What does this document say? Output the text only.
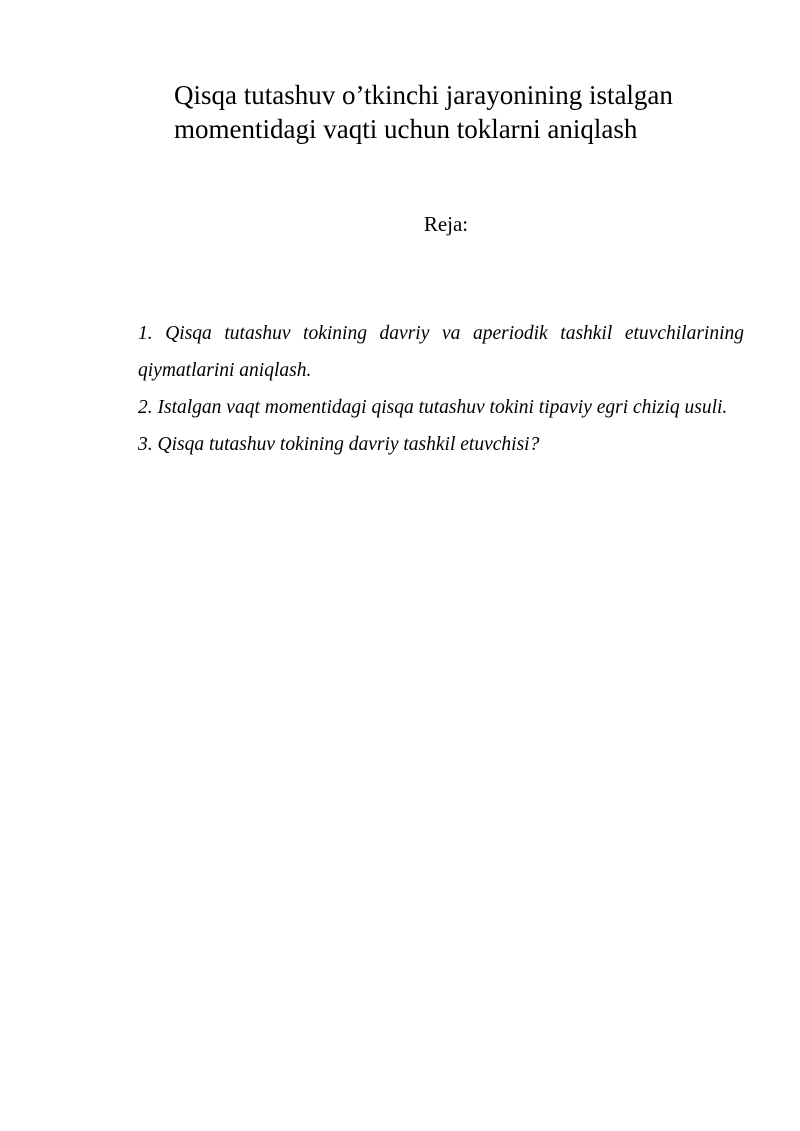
Qisqa tutashuv o’tkinchi jarayonining istalgan
momentidagi vaqti uchun toklarni aniqlash
Reja:
1. Qisqa tutashuv tokining davriy va aperiodik tashkil etuvchilarining qiymatlarini aniqlash.
2. Istalgan vaqt momentidagi qisqa tutashuv tokini tipaviy egri chiziq usuli.
3. Qisqa tutashuv tokining davriy tashkil etuvchisi?
